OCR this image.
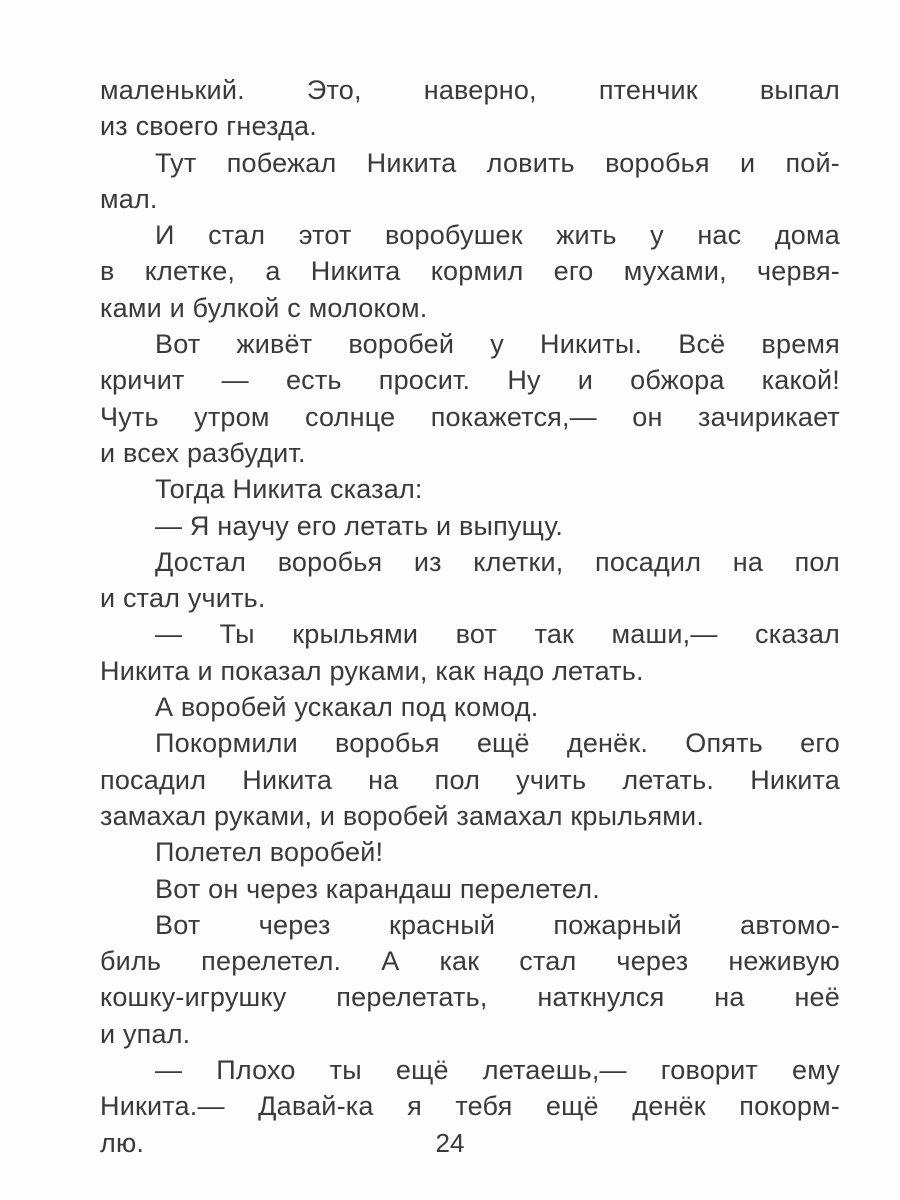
маленький. Это, наверно, птенчик выпал
из своего гнезда.
Тут побежал Никита ловить воробья и пой-
мал.
И стал этот воробушек жить у нас дома
в клетке, а Никита кормил его мухами, червя-
ками и булкой с молоком.
Вот живёт воробей у Никиты. Всё время
кричит — есть просит. Ну и обжора какой!
Чуть утром солнце покажется,— он зачирикает
и всех разбудит.
Тогда Никита сказал:
— Я научу его летать и выпущу.
Достал воробья из клетки, посадил на пол
и стал учить.
— Ты крыльями вот так маши,— сказал
Никита и показал руками, как надо летать.
А воробей ускакал под комод.
Покормили воробья ещё денёк. Опять его
посадил Никита на пол учить летать. Никита
замахал руками, и воробей замахал крыльями.
Полетел воробей!
Вот он через карандаш перелетел.
Вот через красный пожарный автомо-
биль перелетел. А как стал через неживую
кошку-игрушку перелетать, наткнулся на неё
и упал.
— Плохо ты ещё летаешь,— говорит ему
Никита.— Давай-ка я тебя ещё денёк покорм-
лю.	24
